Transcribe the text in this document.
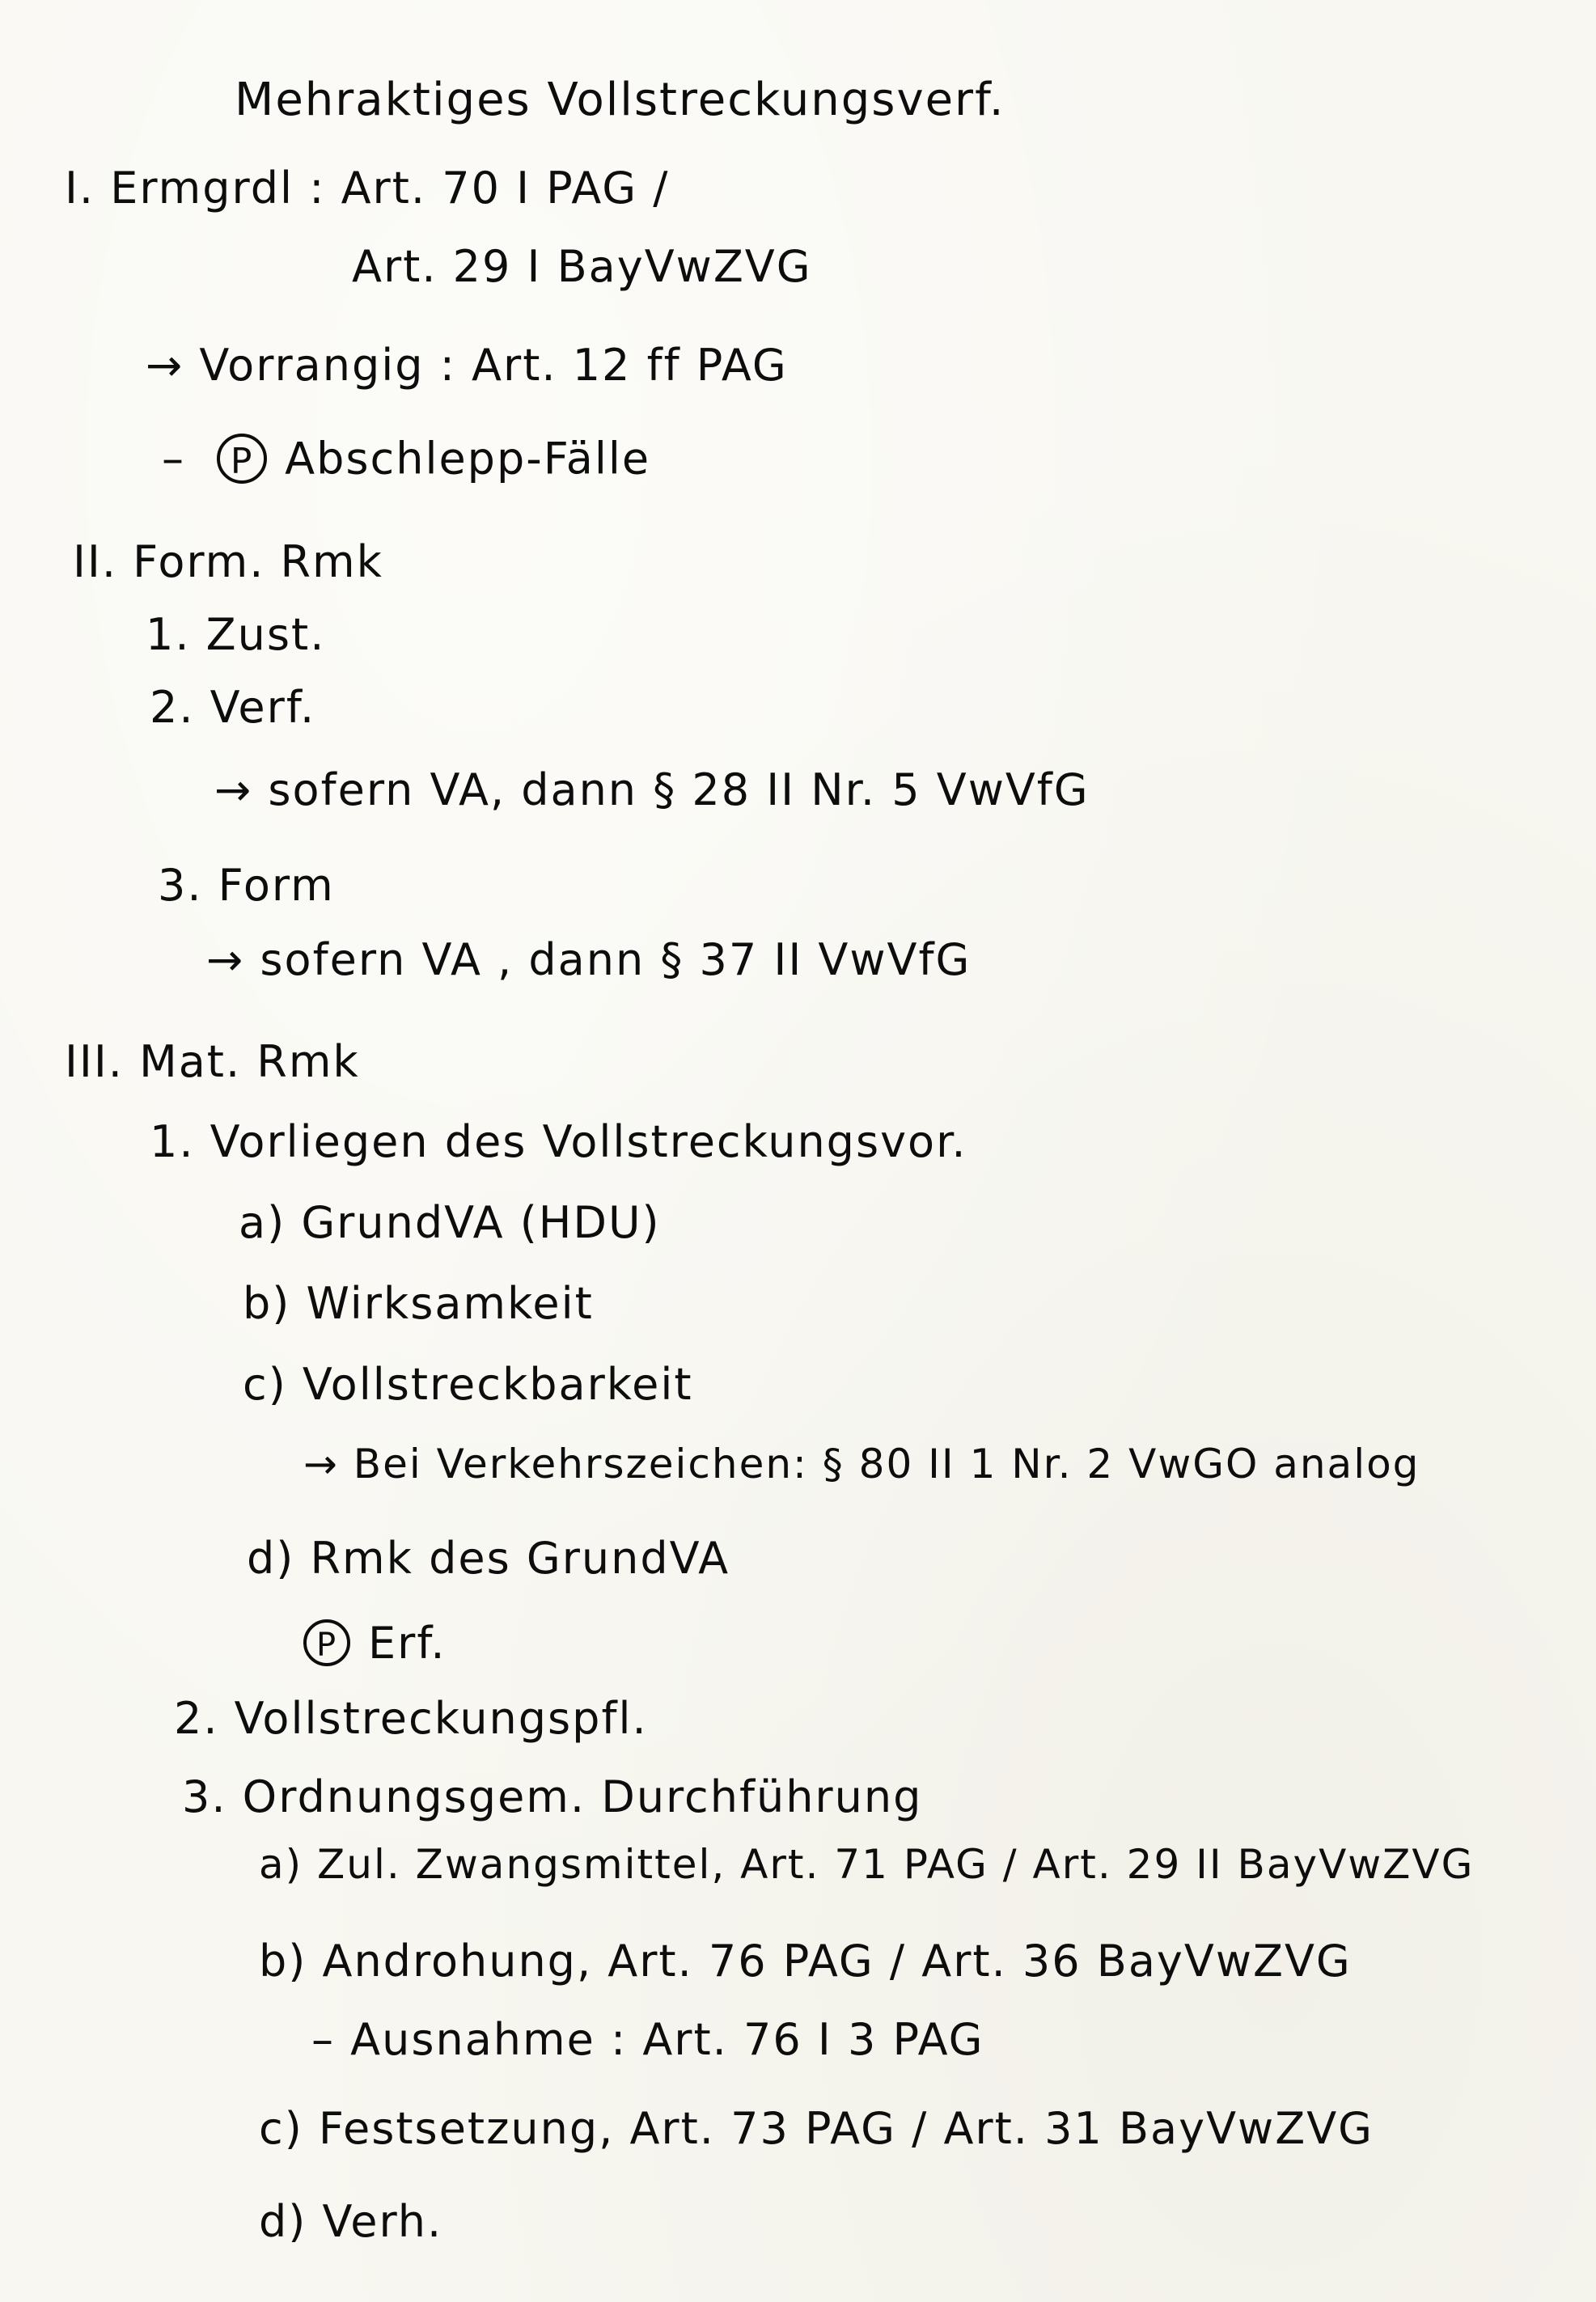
Mehraktiges Vollstreckungsverf.
I. Ermgrdl : Art. 70 I PAG /
Art. 29 I BayVwZVG
→ Vorrangig : Art. 12 ff PAG
– P Abschlepp-Fälle
II. Form. Rmk
1. Zust.
2. Verf.
→ sofern VA, dann § 28 II Nr. 5 VwVfG
3. Form
→ sofern VA , dann § 37 II VwVfG
III. Mat. Rmk
1. Vorliegen des Vollstreckungsvor.
a) GrundVA (HDU)
b) Wirksamkeit
c) Vollstreckbarkeit
→ Bei Verkehrszeichen: § 80 II 1 Nr. 2 VwGO analog
d) Rmk des GrundVA
P Erf.
2. Vollstreckungspfl.
3. Ordnungsgem. Durchführung
a) Zul. Zwangsmittel, Art. 71 PAG / Art. 29 II BayVwZVG
b) Androhung, Art. 76 PAG / Art. 36 BayVwZVG
– Ausnahme : Art. 76 I 3 PAG
c) Festsetzung, Art. 73 PAG / Art. 31 BayVwZVG
d) Verh.
